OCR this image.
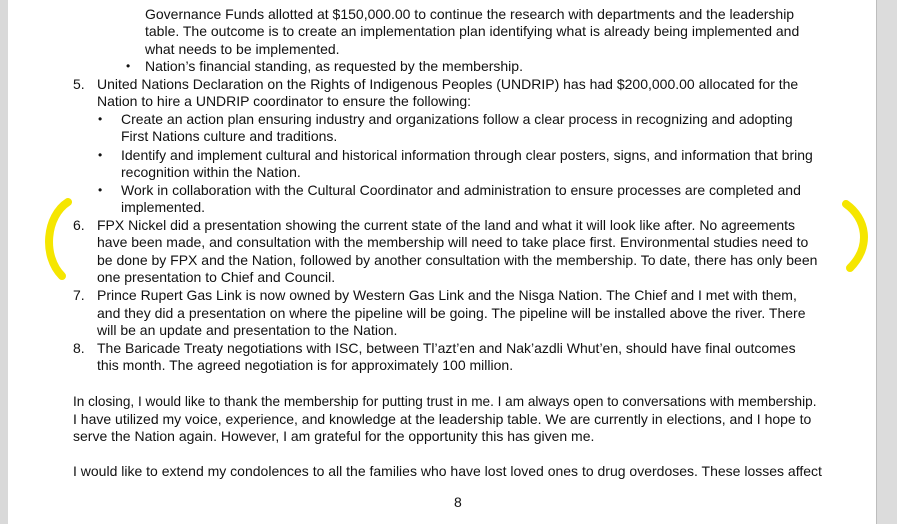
Governance Funds allotted at $150,000.00 to continue the research with departments and the leadership
table. The outcome is to create an implementation plan identifying what is already being implemented and
what needs to be implemented.
• Nation’s financial standing, as requested by the membership.
5. United Nations Declaration on the Rights of Indigenous Peoples (UNDRIP) has had $200,000.00 allocated for the
Nation to hire a UNDRIP coordinator to ensure the following:
• Create an action plan ensuring industry and organizations follow a clear process in recognizing and adopting
First Nations culture and traditions.
• Identify and implement cultural and historical information through clear posters, signs, and information that bring
recognition within the Nation.
• Work in collaboration with the Cultural Coordinator and administration to ensure processes are completed and
implemented.
6. FPX Nickel did a presentation showing the current state of the land and what it will look like after. No agreements
have been made, and consultation with the membership will need to take place first. Environmental studies need to
be done by FPX and the Nation, followed by another consultation with the membership. To date, there has only been
one presentation to Chief and Council.
7. Prince Rupert Gas Link is now owned by Western Gas Link and the Nisga Nation. The Chief and I met with them,
and they did a presentation on where the pipeline will be going. The pipeline will be installed above the river. There
will be an update and presentation to the Nation.
8. The Baricade Treaty negotiations with ISC, between Tl’azt’en and Nak’azdli Whut’en, should have final outcomes
this month. The agreed negotiation is for approximately 100 million.
In closing, I would like to thank the membership for putting trust in me. I am always open to conversations with membership.
I have utilized my voice, experience, and knowledge at the leadership table. We are currently in elections, and I hope to
serve the Nation again. However, I am grateful for the opportunity this has given me.
I would like to extend my condolences to all the families who have lost loved ones to drug overdoses. These losses affect
8
